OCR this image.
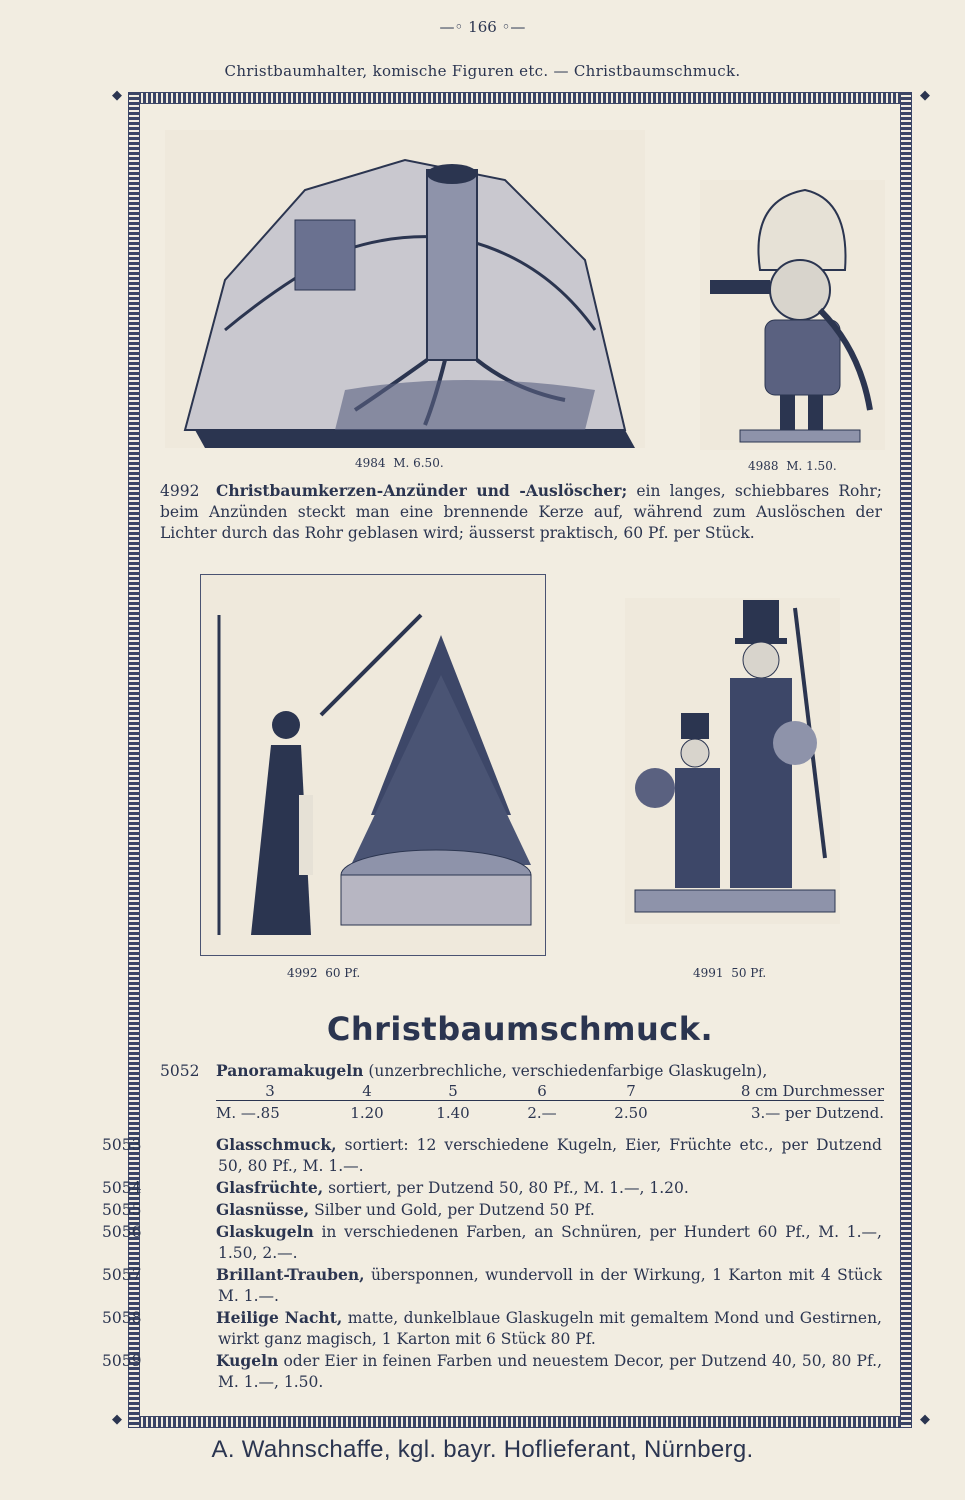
—◦ 166 ◦—
Christbaumhalter, komische Figuren etc. — Christbaumschmuck.
◆	◆
◆	◆
4984 M. 6.50.	4988 M. 1.50.
4992 Christbaumkerzen-Anzünder und -Auslöscher; ein langes, schiebbares Rohr; beim Anzünden steckt man eine brennende Kerze auf, während zum Auslöschen der Lichter durch das Rohr geblasen wird; äusserst praktisch, 60 Pf. per Stück.
4992 60 Pf.	4991 50 Pf.
Christbaumschmuck.
5052 Panoramakugeln (unzerbrechliche, verschiedenfarbige Glaskugeln),
3	4	5	6	7	8 cm Durchmesser
M. —.85	1.20	1.40	2.—	2.50	3.— per Dutzend.
5053	Glasschmuck, sortiert: 12 verschiedene Kugeln, Eier, Früchte etc., per Dutzend 50, 80 Pf., M. 1.—.
5054	Glasfrüchte, sortiert, per Dutzend 50, 80 Pf., M. 1.—, 1.20.
5055	Glasnüsse, Silber und Gold, per Dutzend 50 Pf.
5056	Glaskugeln in verschiedenen Farben, an Schnüren, per Hundert 60 Pf., M. 1.—, 1.50, 2.—.
5057	Brillant-Trauben, übersponnen, wundervoll in der Wirkung, 1 Karton mit 4 Stück M. 1.—.
5058	Heilige Nacht, matte, dunkelblaue Glaskugeln mit gemaltem Mond und Gestirnen, wirkt ganz magisch, 1 Karton mit 6 Stück 80 Pf.
5059	Kugeln oder Eier in feinen Farben und neuestem Decor, per Dutzend 40, 50, 80 Pf., M. 1.—, 1.50.
A. Wahnschaffe, kgl. bayr. Hoflieferant, Nürnberg.
